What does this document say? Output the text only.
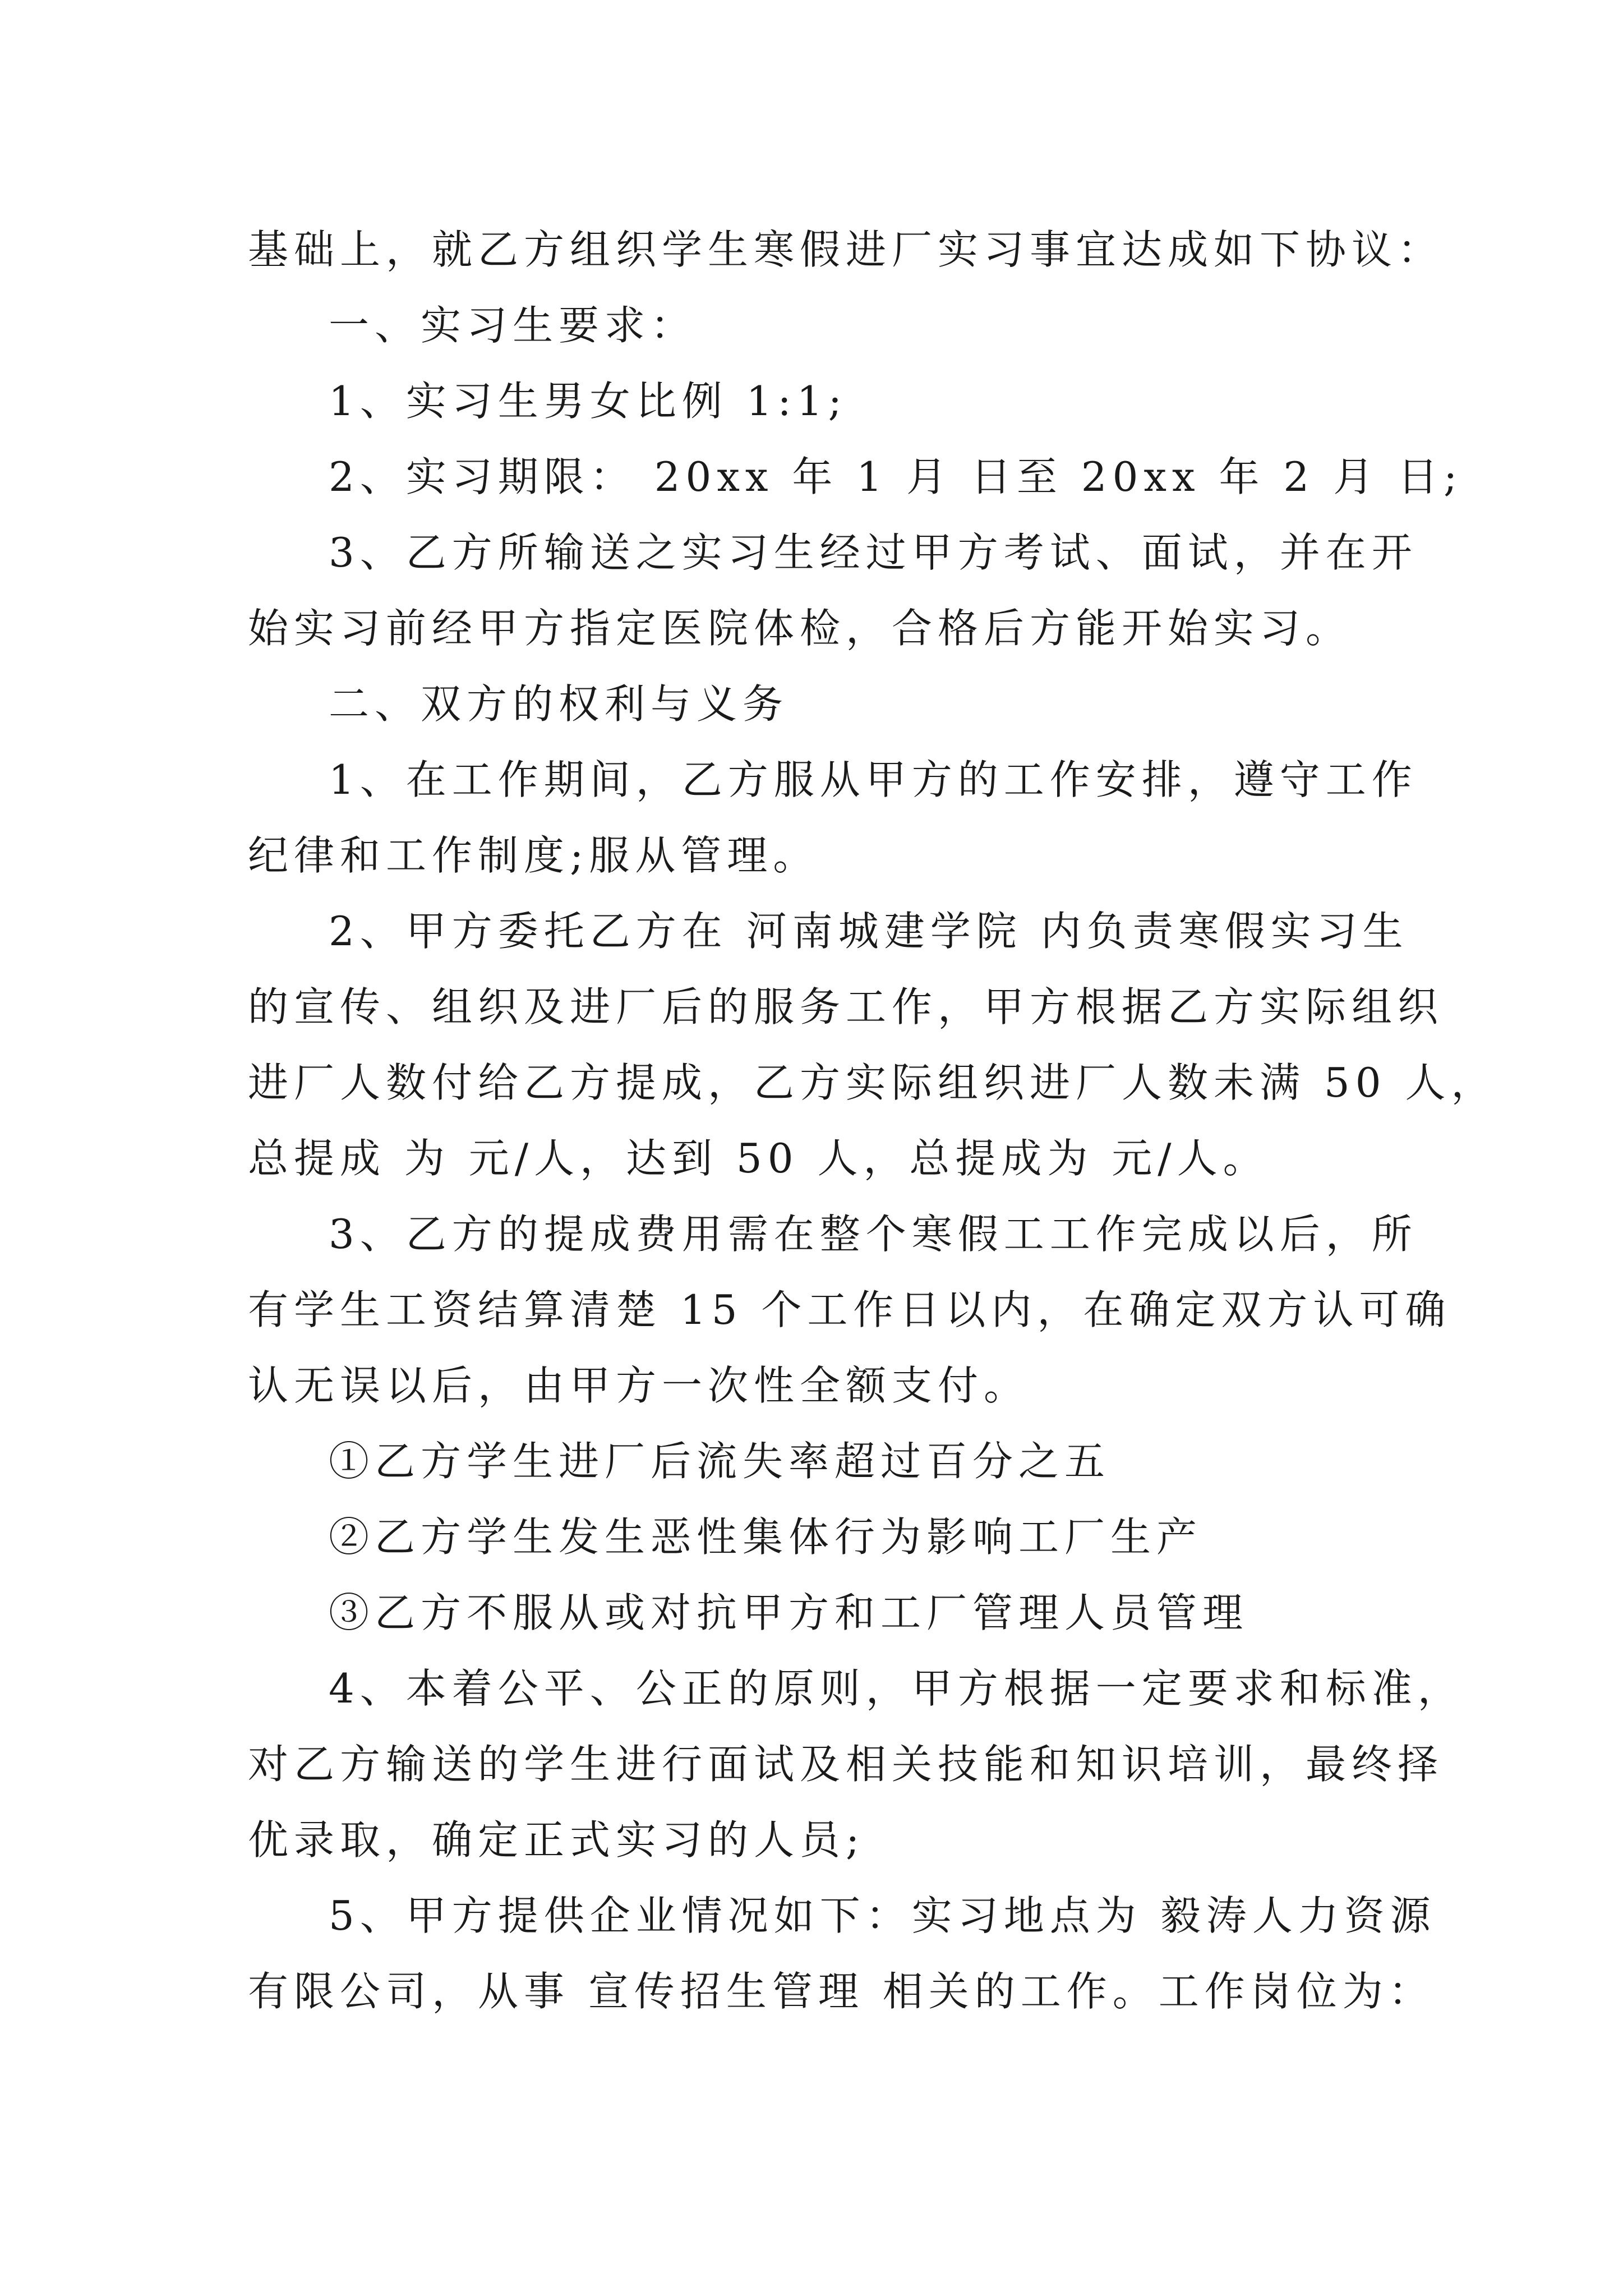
基础上，就乙方组织学生寒假进厂实习事宜达成如下协议：
一、实习生要求：
1、实习生男女比例 1:1;
2、实习期限： 20xx 年 1 月 日至 20xx 年 2 月 日;
3、乙方所输送之实习生经过甲方考试、面试，并在开
始实习前经甲方指定医院体检，合格后方能开始实习。
二、双方的权利与义务
1、在工作期间，乙方服从甲方的工作安排，遵守工作
纪律和工作制度;服从管理。
2、甲方委托乙方在 河南城建学院 内负责寒假实习生
的宣传、组织及进厂后的服务工作，甲方根据乙方实际组织
进厂人数付给乙方提成，乙方实际组织进厂人数未满 50 人，
总提成 为 元/人，达到 50 人，总提成为 元/人。
3、乙方的提成费用需在整个寒假工工作完成以后，所
有学生工资结算清楚 15 个工作日以内，在确定双方认可确
认无误以后，由甲方一次性全额支付。
①乙方学生进厂后流失率超过百分之五
②乙方学生发生恶性集体行为影响工厂生产
③乙方不服从或对抗甲方和工厂管理人员管理
4、本着公平、公正的原则，甲方根据一定要求和标准，
对乙方输送的学生进行面试及相关技能和知识培训，最终择
优录取，确定正式实习的人员;
5、甲方提供企业情况如下：实习地点为 毅涛人力资源
有限公司，从事 宣传招生管理 相关的工作。工作岗位为：
